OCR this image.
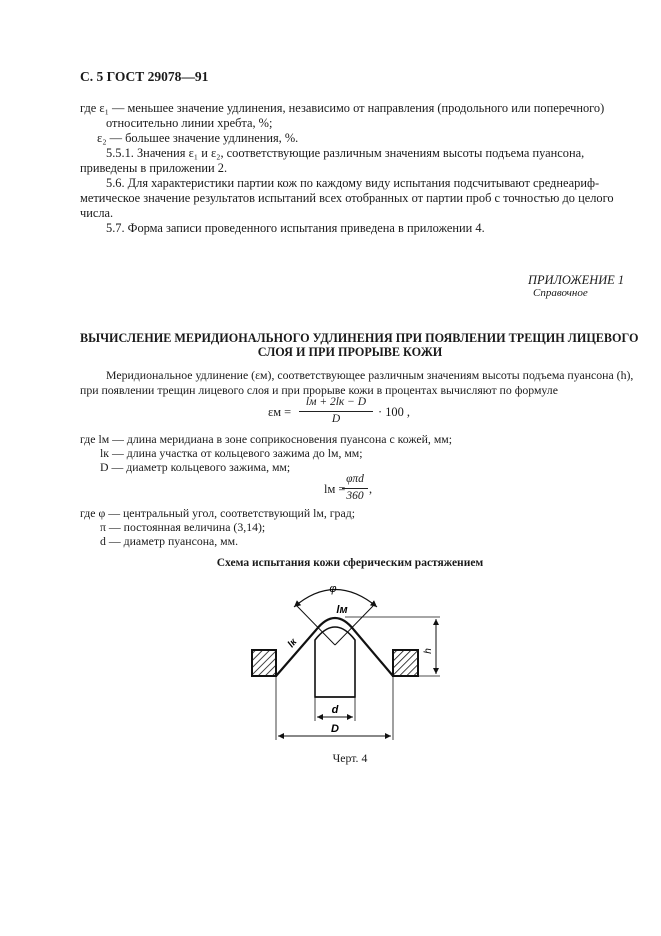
С. 5 ГОСТ 29078—91
где ε₁ — меньшее значение удлинения, независимо от направления (продольного или поперечного)
относительно линии хребта, %;
ε₂ — большее значение удлинения, %.
5.5.1. Значения ε₁ и ε₂, соответствующие различным значениям высоты подъема пуансона,
приведены в приложении 2.
5.6. Для характеристики партии кож по каждому виду испытания подсчитывают среднеариф-
метическое значение результатов испытаний всех отобранных от партии проб с точностью до целого
числа.
5.7. Форма записи проведенного испытания приведена в приложении 4.
ПРИЛОЖЕНИЕ 1
Справочное
ВЫЧИСЛЕНИЕ МЕРИДИОНАЛЬНОГО УДЛИНЕНИЯ ПРИ ПОЯВЛЕНИИ ТРЕЩИН ЛИЦЕВОГО
СЛОЯ И ПРИ ПРОРЫВЕ КОЖИ
Меридиональное удлинение (εм), соответствующее различным значениям высоты подъема пуансона (h),
при появлении трещин лицевого слоя и при прорыве кожи в процентах вычисляют по формуле
εм =
lм + 2lк − D
D	· 100 ,
где lм — длина меридиана в зоне соприкосновения пуансона с кожей, мм;
lк — длина участка от кольцевого зажима до lм, мм;
D — диаметр кольцевого зажима, мм;
lм =
φπd
360 ,
где φ — центральный угол, соответствующий lм, град;
π — постоянная величина (3,14);
d — диаметр пуансона, мм.
Схема испытания кожи сферическим растяжением
φ
lм
lк
h
d
D
Черт. 4
